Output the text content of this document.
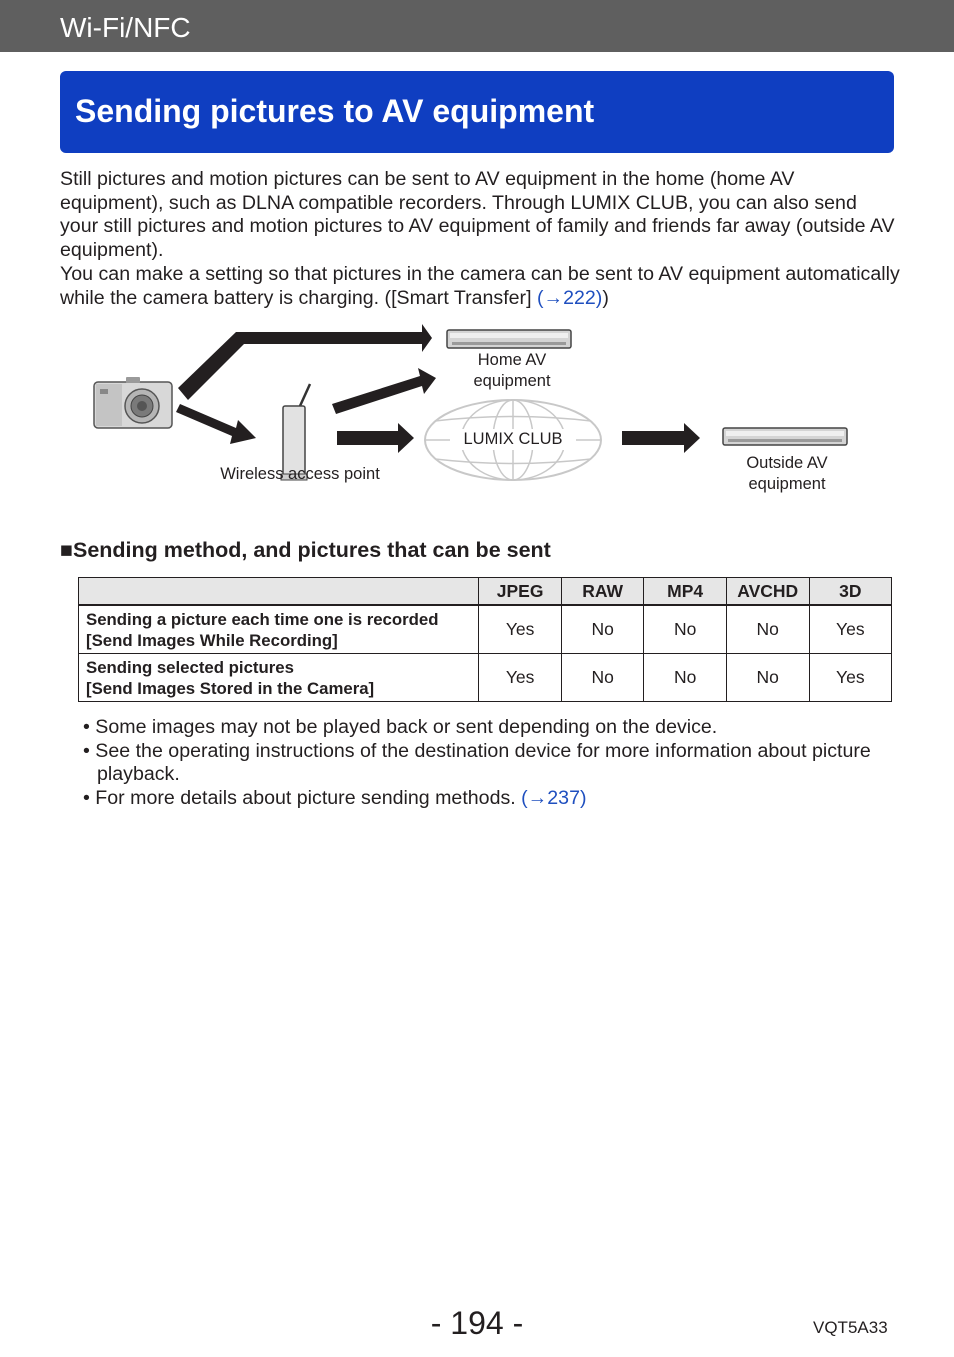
Wi-Fi/NFC
Sending pictures to AV equipment

Still pictures and motion pictures can be sent to AV equipment in the home (home AV equipment), such as DLNA compatible recorders. Through LUMIX CLUB, you can also send your still pictures and motion pictures to AV equipment of family and friends far away (outside AV equipment).

You can make a setting so that pictures in the camera can be sent to AV equipment automatically while the camera battery is charging. ([Smart Transfer] (→222))

Home AV equipment
LUMIX CLUB
Wireless access point
Outside AV equipment
■Sending method, and pictures that can be sent
	JPEG	RAW	MP4	AVCHD	3D

Sending a picture each time one is recorded
[Send Images While Recording]	Yes	No	No	No	Yes

Sending selected pictures
[Send Images Stored in the Camera]	Yes	No	No	No	Yes
• Some images may not be played back or sent depending on the device.
• See the operating instructions of the destination device for more information about picture playback.
• For more details about picture sending methods. (→237)
- 194 -	VQT5A33
